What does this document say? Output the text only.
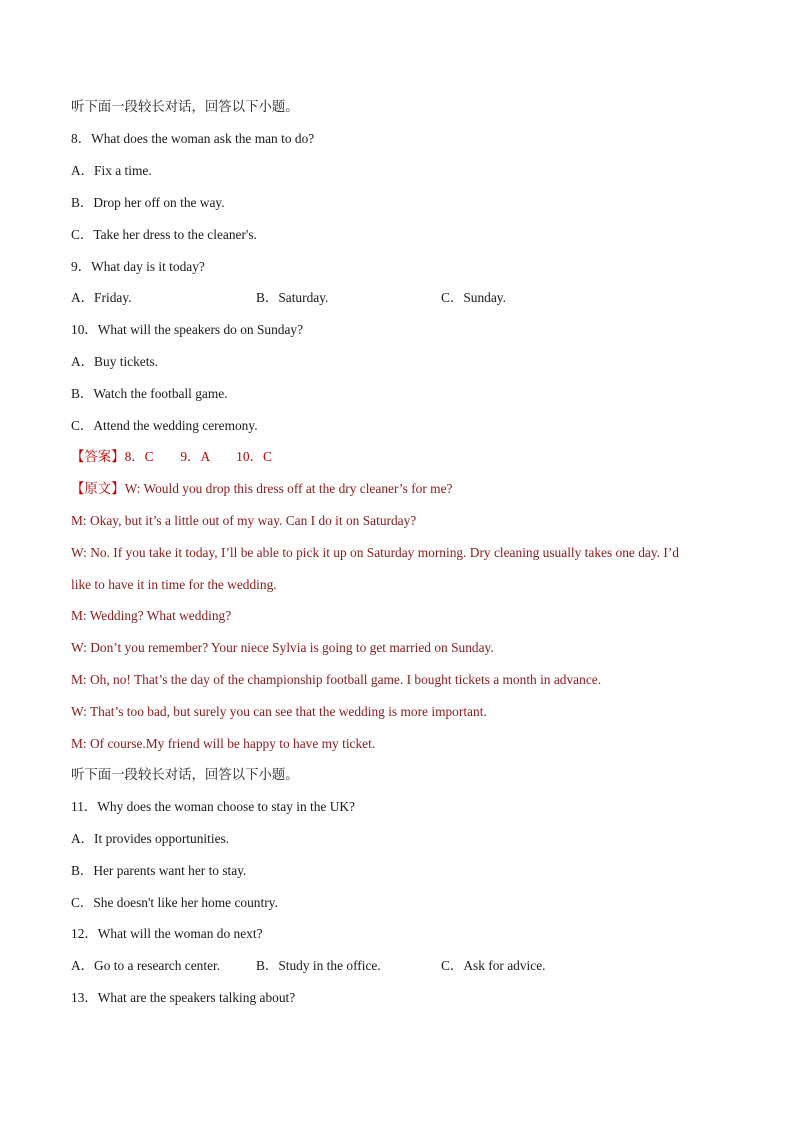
听下面一段较长对话，回答以下小题。
8．What does the woman ask the man to do?
A．Fix a time.
B．Drop her off on the way.
C．Take her dress to the cleaner's.
9．What day is it today?
A．Friday.	B．Saturday.	C．Sunday.
10．What will the speakers do on Sunday?
A．Buy tickets.
B．Watch the football game.
C．Attend the wedding ceremony.
【答案】8．C　　9．A　　10．C
【原文】W: Would you drop this dress off at the dry cleaner’s for me?
M: Okay, but it’s a little out of my way. Can I do it on Saturday?
W: No. If you take it today, I’ll be able to pick it up on Saturday morning. Dry cleaning usually takes one day. I’d
like to have it in time for the wedding.
M: Wedding? What wedding?
W: Don’t you remember? Your niece Sylvia is going to get married on Sunday.
M: Oh, no! That’s the day of the championship football game. I bought tickets a month in advance.
W: That’s too bad, but surely you can see that the wedding is more important.
M: Of course.My friend will be happy to have my ticket.
听下面一段较长对话，回答以下小题。
11．Why does the woman choose to stay in the UK?
A．It provides opportunities.
B．Her parents want her to stay.
C．She doesn't like her home country.
12．What will the woman do next?
A．Go to a research center.	B．Study in the office.	C．Ask for advice.
13．What are the speakers talking about?
